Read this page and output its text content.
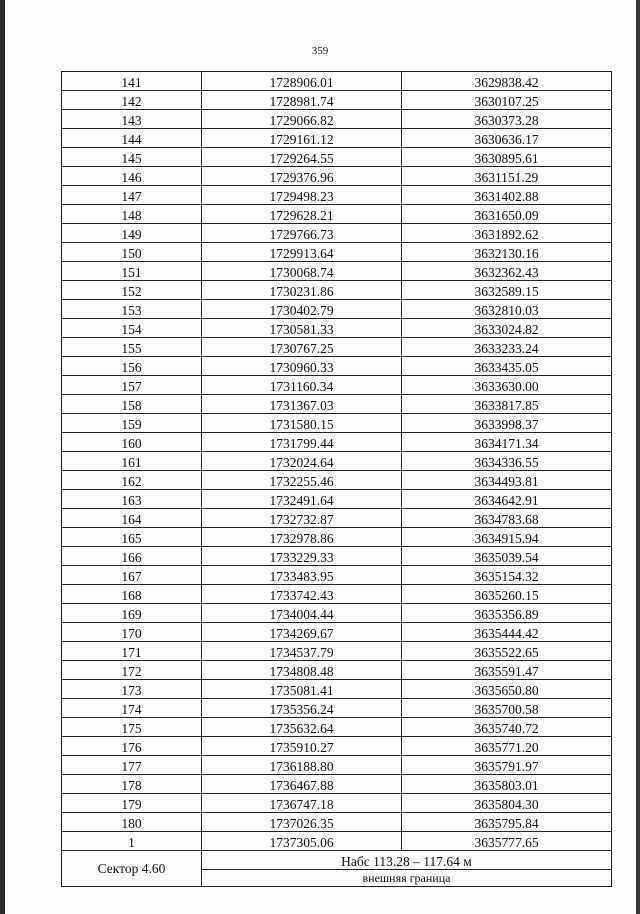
359
141	1728906.01	3629838.42
142	1728981.74	3630107.25
143	1729066.82	3630373.28
144	1729161.12	3630636.17
145	1729264.55	3630895.61
146	1729376.96	3631151.29
147	1729498.23	3631402.88
148	1729628.21	3631650.09
149	1729766.73	3631892.62
150	1729913.64	3632130.16
151	1730068.74	3632362.43
152	1730231.86	3632589.15
153	1730402.79	3632810.03
154	1730581.33	3633024.82
155	1730767.25	3633233.24
156	1730960.33	3633435.05
157	1731160.34	3633630.00
158	1731367.03	3633817.85
159	1731580.15	3633998.37
160	1731799.44	3634171.34
161	1732024.64	3634336.55
162	1732255.46	3634493.81
163	1732491.64	3634642.91
164	1732732.87	3634783.68
165	1732978.86	3634915.94
166	1733229.33	3635039.54
167	1733483.95	3635154.32
168	1733742.43	3635260.15
169	1734004.44	3635356.89
170	1734269.67	3635444.42
171	1734537.79	3635522.65
172	1734808.48	3635591.47
173	1735081.41	3635650.80
174	1735356.24	3635700.58
175	1735632.64	3635740.72
176	1735910.27	3635771.20
177	1736188.80	3635791.97
178	1736467.88	3635803.01
179	1736747.18	3635804.30
180	1737026.35	3635795.84
1	1737305.06	3635777.65
Сектор 4.60	Набс 113.28 – 117.64 м	
	внешняя граница	
